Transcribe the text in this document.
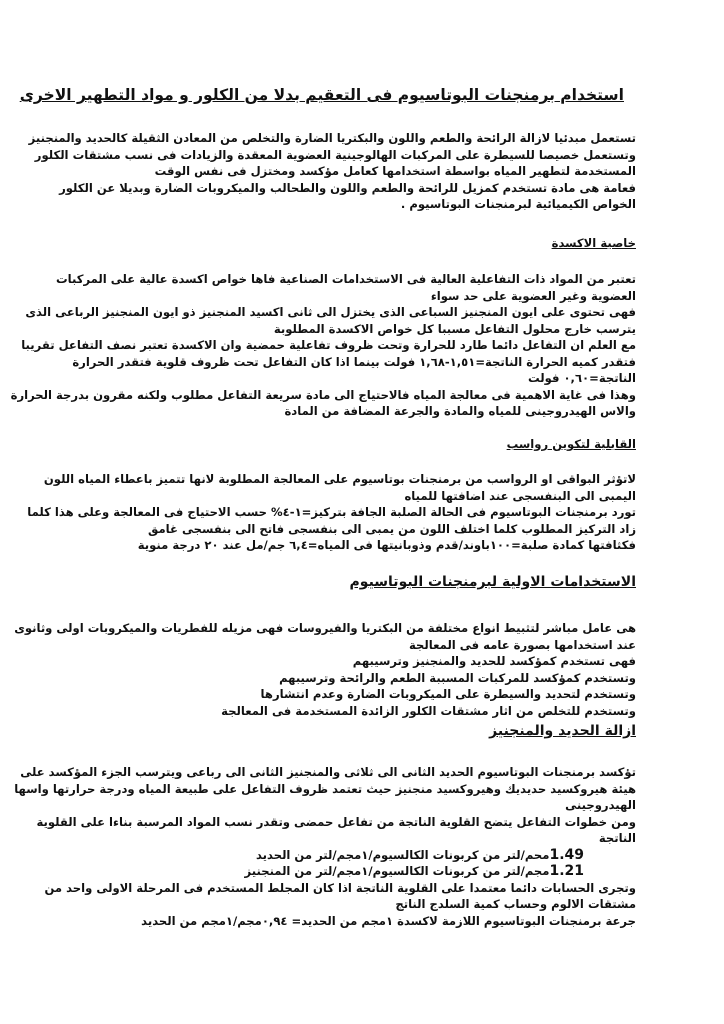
استخدام برمنجنات البوتاسيوم فى التعقيم بدلا من الكلور و مواد التطهير الاخرى
تستعمل مبدئيا لازالة الرائحة والطعم واللون والبكتريا الضارة والتخلص من المعادن الثقيلة كالحديد والمنجنيز
وتستعمل خصيصا للسيطرة على المركبات الهالوجينية العضوية المعقدة والزيادات فى نسب مشتقات الكلور
المستخدمة لتطهير المياه بواسطة استخدامها كعامل مؤكسد ومختزل فى نفس الوقت
فعامة هى مادة تستخدم كمزيل للرائحة والطعم واللون والطحالب والميكروبات الضارة وبديلا عن الكلور
الخواص الكيميائية لبرمنجنات البوتاسيوم .
خاصية الاكسدة
تعتبر من المواد ذات التفاعلية العالية فى الاستخدامات الصناعية فاها خواص اكسدة عالية على المركبات
العضوية وغير العضوية على حد سواء
فهى تحتوى على ايون المنجنيز السباعى الذى يختزل الى ثانى اكسيد المنجنيز ذو ايون المنجنيز الرباعى الذى
يترسب خارج محلول التفاعل مسببا كل خواص الاكسدة المطلوبة
مع العلم ان التفاعل دائما طارد للحرارة وتحت ظروف تفاعلية حمضية وان الاكسدة تعتبر نصف التفاعل تقريبا
فتقدر كميه الحرارة الناتجة=١,٥١-١,٦٨ فولت بينما اذا كان التفاعل تحت ظروف قلوية فتقدر الحرارة
الناتجة=٠,٦٠ فولت
وهذا فى غاية الاهمية فى معالجة المياه فالاحتياج الى مادة سريعة التفاعل مطلوب ولكنه مقرون بدرجة الحرارة
والاس الهيدروجينى للمياه والمادة والجرعة المضافة من المادة
القابلية لتكوين رواسب
لاتؤثر البواقى او الرواسب من برمنجنات بوتاسيوم على المعالجة المطلوبة لانها تتميز باعطاء المياه اللون
اليمبى الى البنفسجى عند اضافتها للمياه
تورد برمنجنات البوتاسيوم فى الحالة الصلبة الجافة بتركيز=١-٤% حسب الاحتياج فى المعالجة وعلى هذا كلما
زاد التركيز المطلوب كلما اختلف اللون من يمبى الى بنفسجى فاتح الى بنفسجى غامق
فكثافتها كمادة صلبة=١٠٠باوند/قدم وذوبانيتها فى المياه=٦,٤ جم/مل عند ٢٠ درجة منوية
الاستخدامات الاولية لبرمنجنات البوتاسيوم
هى عامل مباشر لتثبيط انواع مختلفة من البكتريا والفيروسات فهى مزيله للفطريات والميكروبات اولى وثانوى
عند استخدامها بصورة عامه فى المعالجة
فهى تستخدم كمؤكسد للحديد والمنجنيز وترسيبهم
وتستخدم كمؤكسد للمركبات المسببة الطعم والرائحة وترسيبهم
وتستخدم لتحديد والسيطرة على الميكروبات الضارة وعدم انتشارها
وتستخدم للتخلص من اثار مشتقات الكلور الزائدة المستخدمة فى المعالجة
ازالة الحديد والمنجنيز
تؤكسد برمنجنات البوتاسيوم الحديد الثانى الى ثلاثى والمنجنيز الثانى الى رباعى ويترسب الجزء المؤكسد على
هيئة هيروكسيد حديديك وهيروكسيد منجنيز حيث تعتمد ظروف التفاعل على طبيعة المياه ودرجة حرارتها واسها
الهيدروجينى
ومن خطوات التفاعل يتضح القلوية الناتجة من تفاعل حمضى وتقدر نسب المواد المرسبة بناءا على القلوية
الناتجة
1.49محم/لتر من كربونات الكالسيوم/١مجم/لتر من الحديد
1.21مجم/لتر من كربونات الكالسيوم/١مجم/لتر من المنجنيز
وتجرى الحسابات دائما معتمدا على القلوية الناتجة اذا كان المجلط المستخدم فى المرحلة الاولى واحد من
مشتقات الالوم وحساب كمية السلدج الناتج
جرعة برمنجنات البوتاسيوم اللازمة لاكسدة ١مجم من الحديد= ٠,٩٤مجم/١مجم من الحديد
